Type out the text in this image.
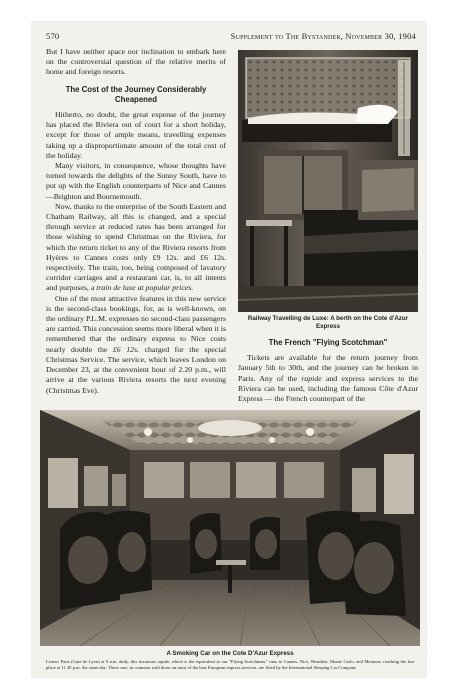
570	Supplement to The Bystander, November 30, 1904

But I have neither space nor inclination to embark here on the controversial question of the relative merits of home and foreign resorts.

The Cost of the Journey Considerably Cheapened

Hitherto, no doubt, the great expense of the journey has placed the Riviera out of court for a short holiday, except for those of ample means, travelling expenses taking up a disproportionate amount of the total cost of the holiday.

Many visitors, in consequence, whose thoughts have turned towards the delights of the Sunny South, have to put up with the English counterparts of Nice and Cannes—Brighton and Bournemouth.

Now, thanks to the enterprise of the South Eastern and Chatham Railway, all this is changed, and a special through service at reduced rates has been arranged for those wishing to spend Christmas on the Riviera, for which the return ticket to any of the Riviera resorts from Hyères to Cannes costs only £9 12s. and £6 12s. respectively. The train, too, being composed of lavatory corridor carriages and a restaurant car, is, to all intents and purposes, a train de luxe at popular prices.

One of the most attractive features in this new service is the second-class bookings, for, as is well-known, on the ordinary P.L.M. expresses no second-class passengers are carried. This concession seems more liberal when it is remembered that the ordinary express to Nice costs nearly double the £6 12s. charged for the special Christmas Service. The service, which leaves London on December 23, at the convenient hour of 2.20 p.m., will arrive at the various Riviera resorts the next evening (Christmas Eve).

Railway Travelling de Luxe: A berth on the Cote d'Azur Express
The French "Flying Scotchman"

Tickets are available for the return journey from January 5th to 30th, and the journey can be broken in Paris. Any of the rapide and express services to the Riviera can be used, including the famous Côte d'Azur Express — the French counterpart of the

A Smoking Car on the Cote D'Azur Express
Leaves Paris (Gare de Lyon) at 9 a.m. daily, this luxurious rapide, which is the equivalent to our "Flying Scotchman," runs to Cannes, Nice, Beaulieu, Monte Carlo, and Mentone, reaching the last place at 11.30 p.m. the same day. These cars, in common with those on most of the best European express services, are fitted by the International Sleeping Car Company
